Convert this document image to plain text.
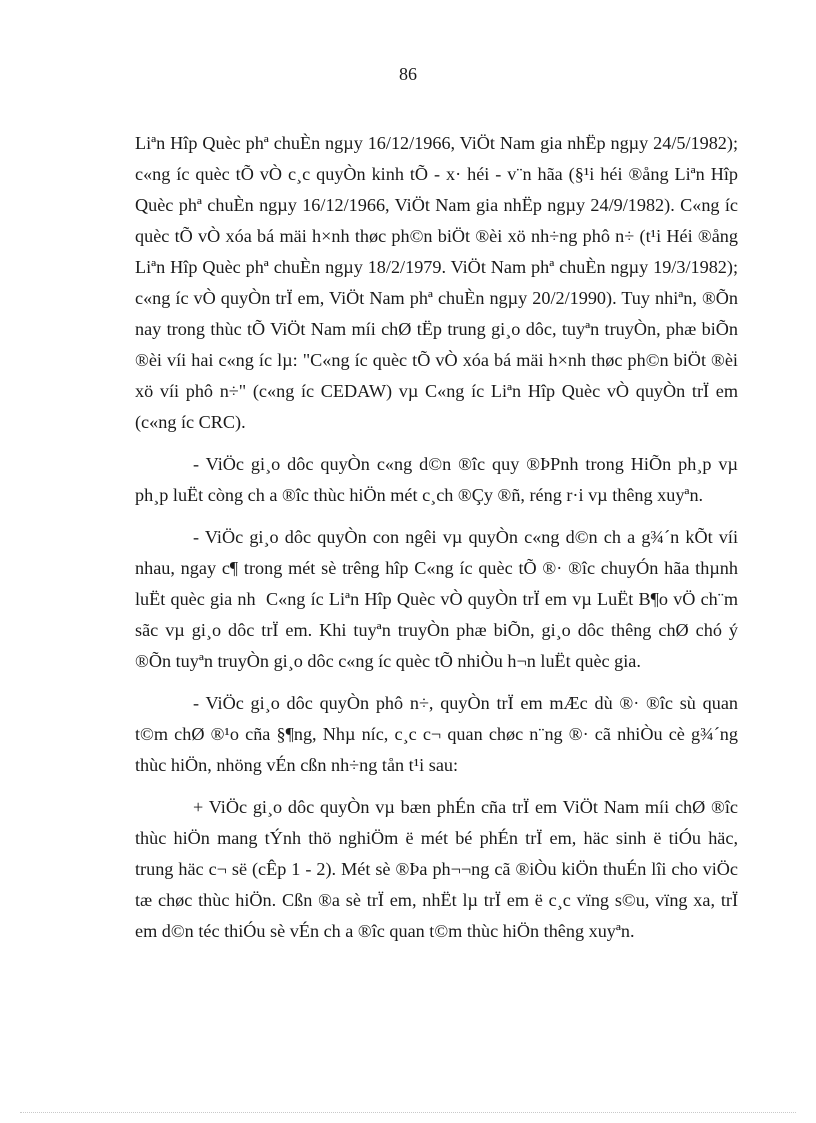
86

Liªn Hîp Quèc phª chuÈn ngµy 16/12/1966, ViÖt Nam gia nhËp ngµy 24/5/1982); c«ng íc quèc tÕ vÒ c¸c quyÒn kinh tÕ - x· héi - v¨n hãa (§¹i héi ®ång Liªn Hîp Quèc phª chuÈn ngµy 16/12/1966, ViÖt Nam gia nhËp ngµy 24/9/1982). C«ng íc quèc tÕ vÒ xóa bá mäi h×nh thøc ph©n biÖt ®èi xö nh÷ng phô n÷ (t¹i Héi ®ång Liªn Hîp Quèc phª chuÈn ngµy 18/2/1979. ViÖt Nam phª chuÈn ngµy 19/3/1982); c«ng íc vÒ quyÒn trÏ em, ViÖt Nam phª chuÈn ngµy 20/2/1990). Tuy nhiªn, ®Õn nay trong thùc tÕ ViÖt Nam míi chØ tËp trung gi¸o dôc, tuyªn truyÒn, phæ biÕn ®èi víi hai c«ng íc lµ: "C«ng íc quèc tÕ vÒ xóa bá mäi h×nh thøc ph©n biÖt ®èi xö víi phô n÷" (c«ng íc CEDAW) vµ C«ng íc Liªn Hîp Quèc vÒ quyÒn trÏ em (c«ng íc CRC).

- ViÖc gi¸o dôc quyÒn c«ng d©n ®îc quy ®ÞPnh trong HiÕn ph¸p vµ ph¸p luËt còng ch a ®îc thùc hiÖn mét c¸ch ®Çy ®ñ, réng r·i vµ thêng xuyªn.

- ViÖc gi¸o dôc quyÒn con ngêi vµ quyÒn c«ng d©n ch a g¾´n kÕt víi nhau, ngay c¶ trong mét sè trêng hîp C«ng íc quèc tÕ ®· ®îc chuyÓn hãa thµnh luËt quèc gia nh  C«ng íc Liªn Hîp Quèc vÒ quyÒn trÏ em vµ LuËt B¶o vÖ ch¨m sãc vµ gi¸o dôc trÏ em. Khi tuyªn truyÒn phæ biÕn, gi¸o dôc thêng chØ chó ý ®Õn tuyªn truyÒn gi¸o dôc c«ng íc quèc tÕ nhiÒu h¬n luËt quèc gia.

- ViÖc gi¸o dôc quyÒn phô n÷, quyÒn trÏ em mÆc dù ®· ®îc sù quan t©m chØ ®¹o cña §¶ng, Nhµ níc, c¸c c¬ quan chøc n¨ng ®· cã nhiÒu cè g¾´ng thùc hiÖn, nhöng vÉn cßn nh÷ng tån t¹i sau:

+ ViÖc gi¸o dôc quyÒn vµ bæn phÉn cña trÏ em ViÖt Nam míi chØ ®îc thùc hiÖn mang tÝnh thö nghiÖm ë mét bé phÉn trÏ em, häc sinh ë tiÓu häc, trung häc c¬ së (cÊp 1 - 2). Mét sè ®Þa ph¬¬ng cã ®iÒu kiÖn thuÉn lîi cho viÖc tæ chøc thùc hiÖn. Cßn ®a sè trÏ em, nhËt lµ trÏ em ë c¸c vïng s©u, vïng xa, trÏ em d©n téc thiÓu sè vÉn ch a ®îc quan t©m thùc hiÖn thêng xuyªn.
